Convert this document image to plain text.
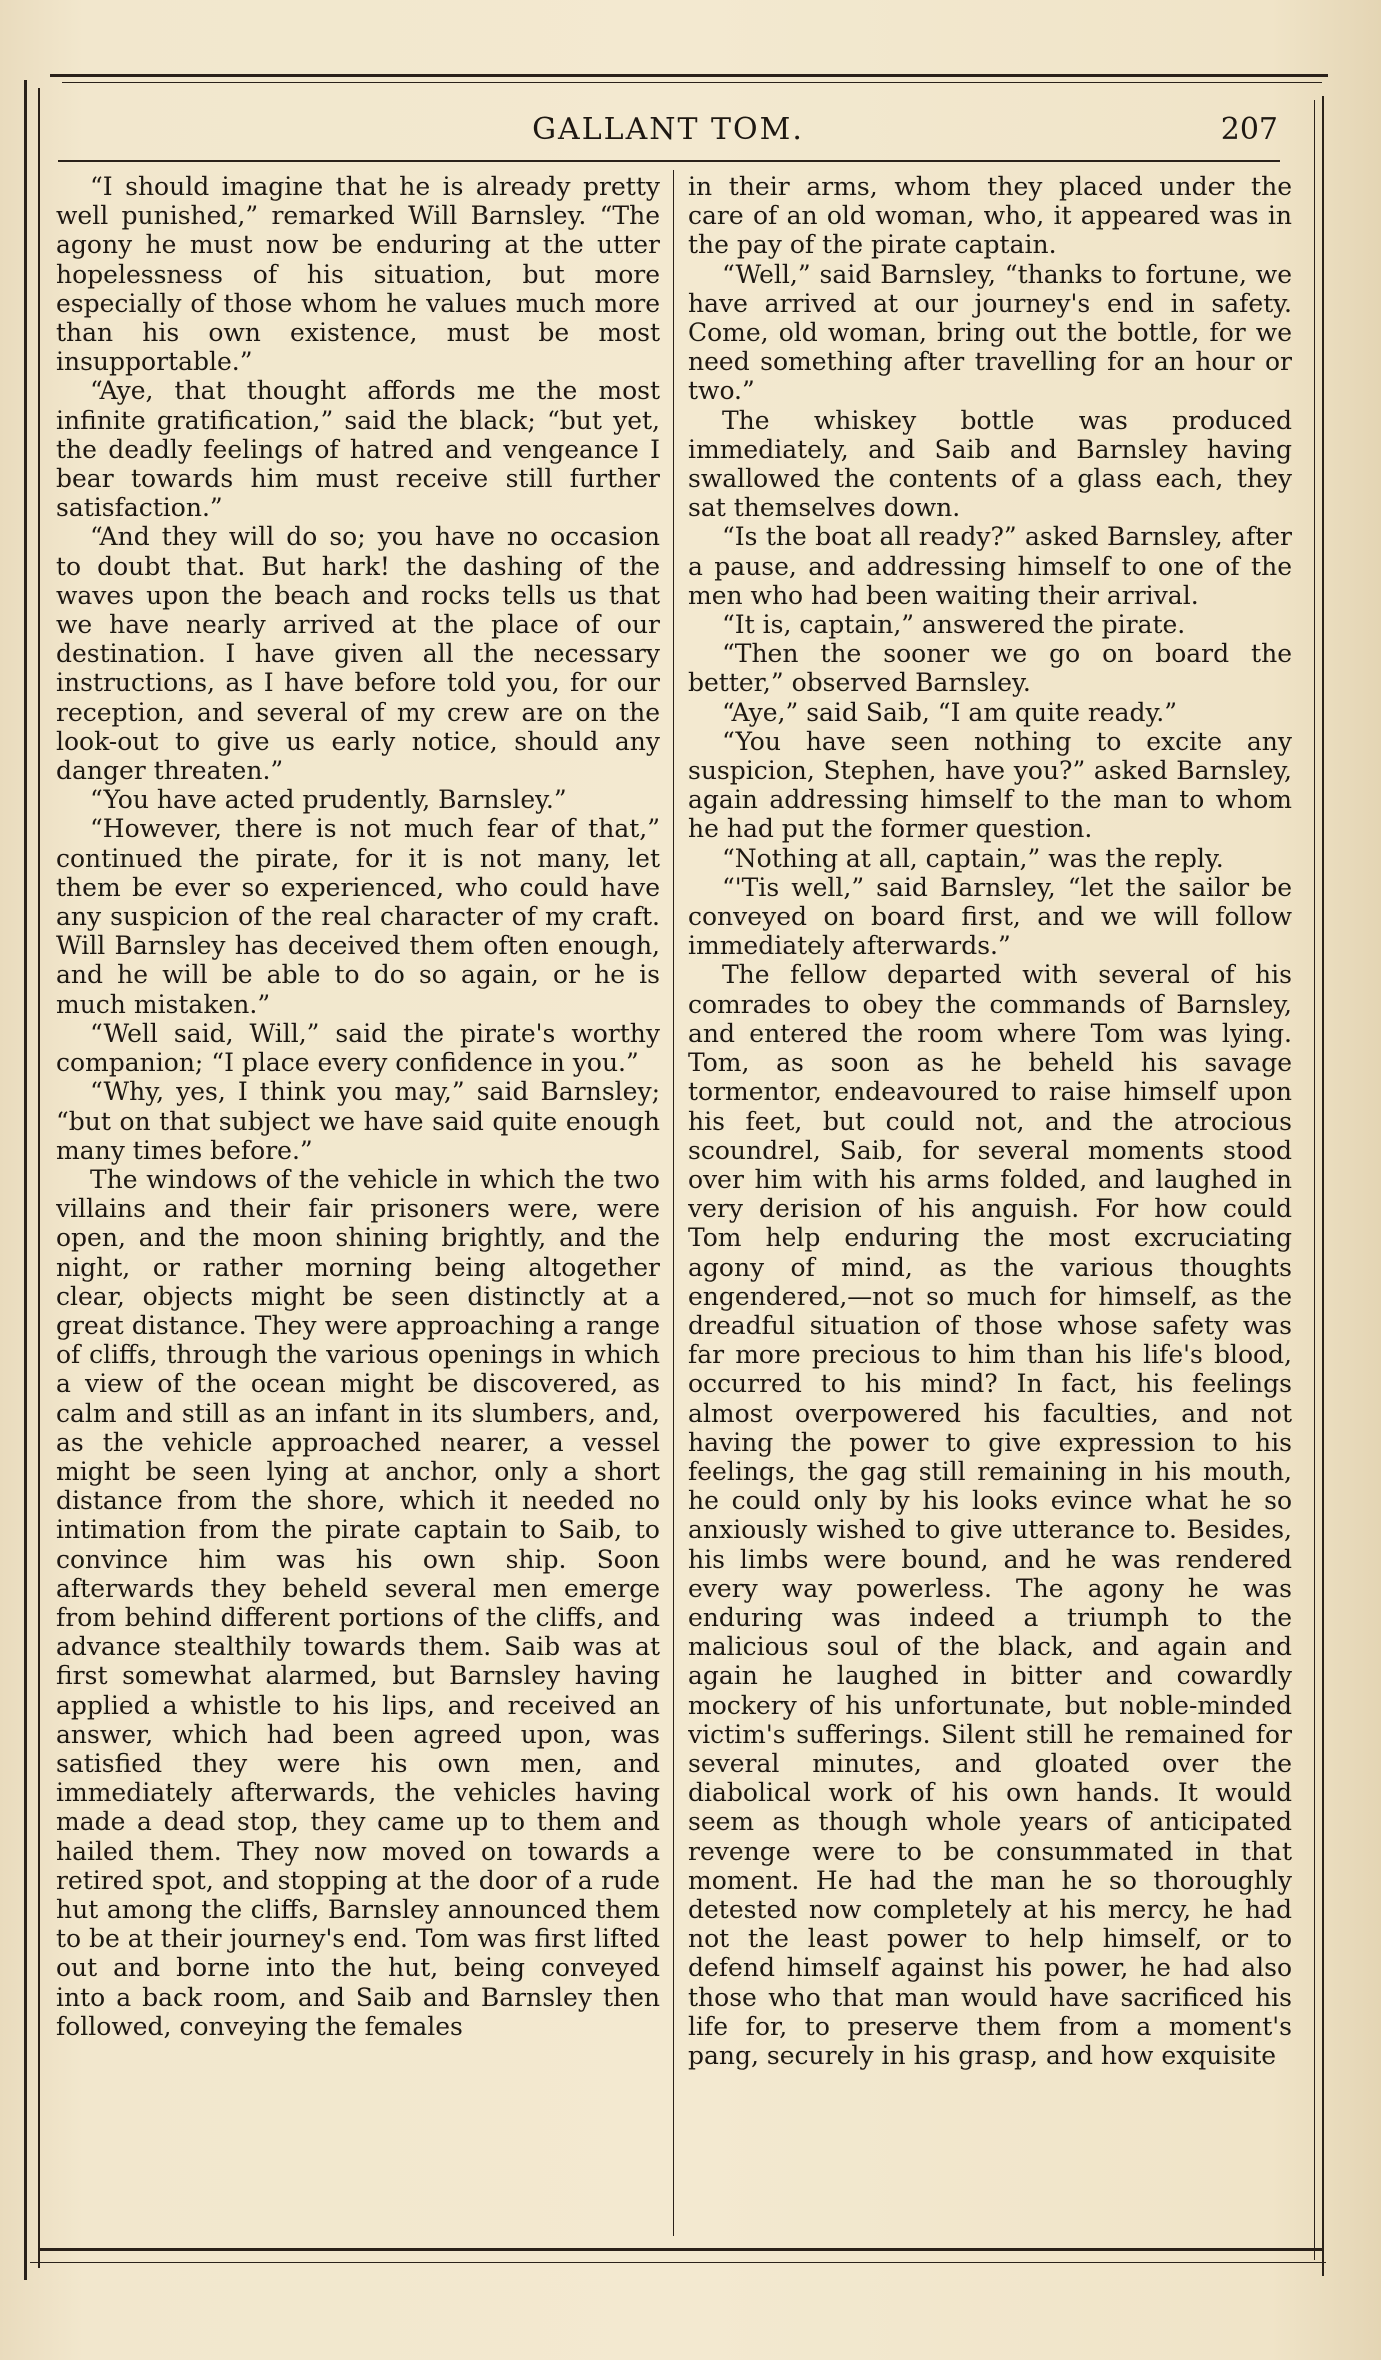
GALLANT TOM.	207

“I should imagine that he is already pretty well punished,” remarked Will Barnsley. “The agony he must now be enduring at the utter hopelessness of his situation, but more especially of those whom he values much more than his own existence, must be most insupportable.”

“Aye, that thought affords me the most infinite gratification,” said the black; “but yet, the deadly feelings of hatred and vengeance I bear towards him must receive still further satisfaction.”

“And they will do so; you have no occasion to doubt that. But hark! the dashing of the waves upon the beach and rocks tells us that we have nearly arrived at the place of our destination. I have given all the necessary instructions, as I have before told you, for our reception, and several of my crew are on the look-out to give us early notice, should any danger threaten.”

“You have acted prudently, Barnsley.”

“However, there is not much fear of that,” continued the pirate, for it is not many, let them be ever so experienced, who could have any suspicion of the real character of my craft. Will Barnsley has deceived them often enough, and he will be able to do so again, or he is much mistaken.”

“Well said, Will,” said the pirate's worthy companion; “I place every confidence in you.”

“Why, yes, I think you may,” said Barnsley; “but on that subject we have said quite enough many times before.”

The windows of the vehicle in which the two villains and their fair prisoners were, were open, and the moon shining brightly, and the night, or rather morning being altogether clear, objects might be seen distinctly at a great distance. They were approaching a range of cliffs, through the various openings in which a view of the ocean might be discovered, as calm and still as an infant in its slumbers, and, as the vehicle approached nearer, a vessel might be seen lying at anchor, only a short distance from the shore, which it needed no intimation from the pirate captain to Saib, to convince him was his own ship. Soon afterwards they beheld several men emerge from behind different portions of the cliffs, and advance stealthily towards them. Saib was at first somewhat alarmed, but Barnsley having applied a whistle to his lips, and received an answer, which had been agreed upon, was satisfied they were his own men, and immediately afterwards, the vehicles having made a dead stop, they came up to them and hailed them. They now moved on towards a retired spot, and stopping at the door of a rude hut among the cliffs, Barnsley announced them to be at their journey's end. Tom was first lifted out and borne into the hut, being conveyed into a back room, and Saib and Barnsley then followed, conveying the females

in their arms, whom they placed under the care of an old woman, who, it appeared was in the pay of the pirate captain.

“Well,” said Barnsley, “thanks to fortune, we have arrived at our journey's end in safety. Come, old woman, bring out the bottle, for we need something after travelling for an hour or two.”

The whiskey bottle was produced immediately, and Saib and Barnsley having swallowed the contents of a glass each, they sat themselves down.

“Is the boat all ready?” asked Barnsley, after a pause, and addressing himself to one of the men who had been waiting their arrival.

“It is, captain,” answered the pirate.

“Then the sooner we go on board the better,” observed Barnsley.

“Aye,” said Saib, “I am quite ready.”

“You have seen nothing to excite any suspicion, Stephen, have you?” asked Barnsley, again addressing himself to the man to whom he had put the former question.

“Nothing at all, captain,” was the reply.

“'Tis well,” said Barnsley, “let the sailor be conveyed on board first, and we will follow immediately afterwards.”

The fellow departed with several of his comrades to obey the commands of Barnsley, and entered the room where Tom was lying. Tom, as soon as he beheld his savage tormentor, endeavoured to raise himself upon his feet, but could not, and the atrocious scoundrel, Saib, for several moments stood over him with his arms folded, and laughed in very derision of his anguish. For how could Tom help enduring the most excruciating agony of mind, as the various thoughts engendered,—not so much for himself, as the dreadful situation of those whose safety was far more precious to him than his life's blood, occurred to his mind? In fact, his feelings almost overpowered his faculties, and not having the power to give expression to his feelings, the gag still remaining in his mouth, he could only by his looks evince what he so anxiously wished to give utterance to. Besides, his limbs were bound, and he was rendered every way powerless. The agony he was enduring was indeed a triumph to the malicious soul of the black, and again and again he laughed in bitter and cowardly mockery of his unfortunate, but noble-minded victim's sufferings. Silent still he remained for several minutes, and gloated over the diabolical work of his own hands. It would seem as though whole years of anticipated revenge were to be consummated in that moment. He had the man he so thoroughly detested now completely at his mercy, he had not the least power to help himself, or to defend himself against his power, he had also those who that man would have sacrificed his life for, to preserve them from a moment's pang, securely in his grasp, and how exquisite
